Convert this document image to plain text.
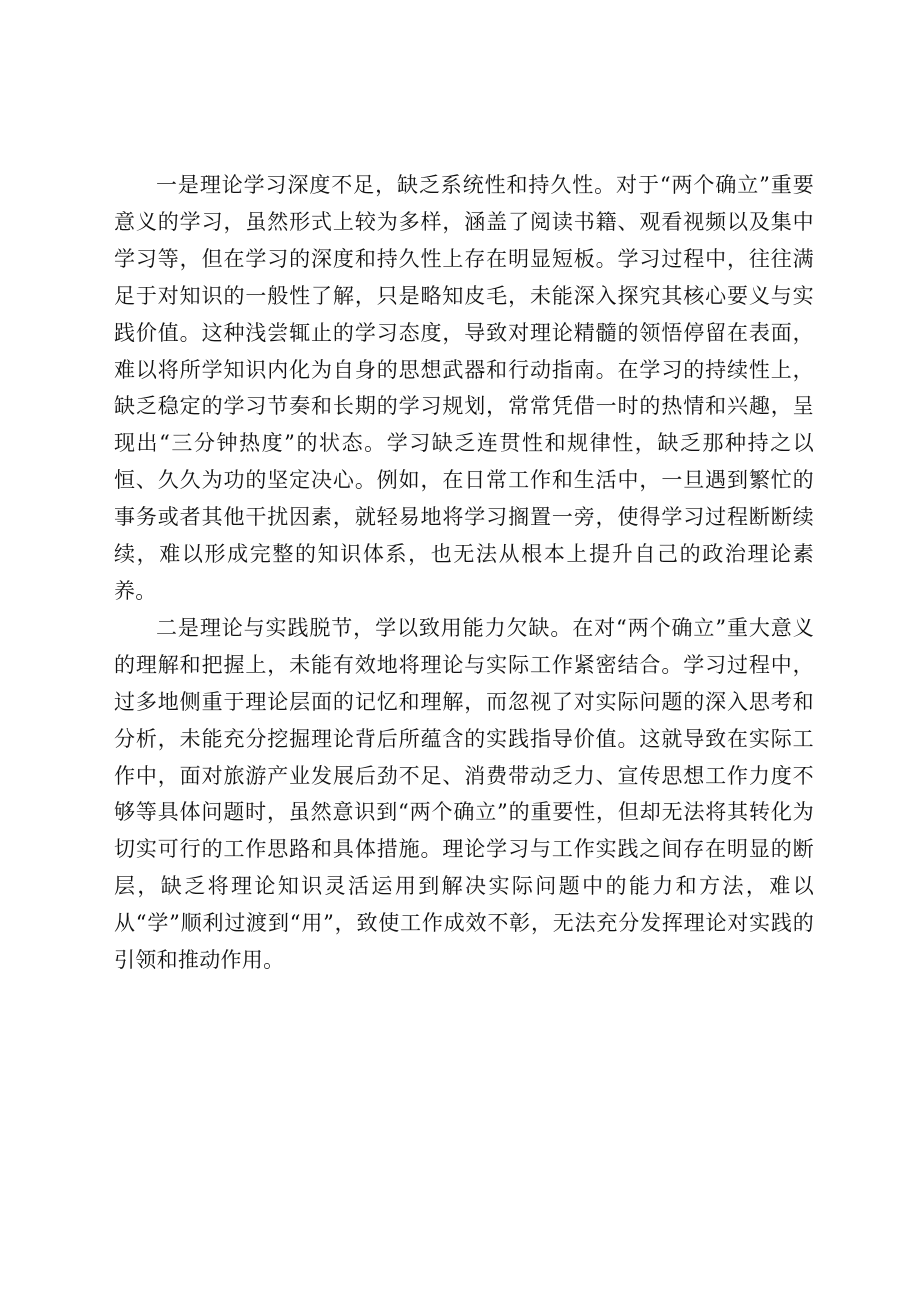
一是理论学习深度不足，缺乏系统性和持久性。对于“两个确立”重要意义的学习，虽然形式上较为多样，涵盖了阅读书籍、观看视频以及集中学习等，但在学习的深度和持久性上存在明显短板。学习过程中，往往满足于对知识的一般性了解，只是略知皮毛，未能深入探究其核心要义与实践价值。这种浅尝辄止的学习态度，导致对理论精髓的领悟停留在表面，难以将所学知识内化为自身的思想武器和行动指南。在学习的持续性上，缺乏稳定的学习节奏和长期的学习规划，常常凭借一时的热情和兴趣，呈现出“三分钟热度”的状态。学习缺乏连贯性和规律性，缺乏那种持之以恒、久久为功的坚定决心。例如，在日常工作和生活中，一旦遇到繁忙的事务或者其他干扰因素，就轻易地将学习搁置一旁，使得学习过程断断续续，难以形成完整的知识体系，也无法从根本上提升自己的政治理论素养。

二是理论与实践脱节，学以致用能力欠缺。在对“两个确立”重大意义的理解和把握上，未能有效地将理论与实际工作紧密结合。学习过程中，过多地侧重于理论层面的记忆和理解，而忽视了对实际问题的深入思考和分析，未能充分挖掘理论背后所蕴含的实践指导价值。这就导致在实际工作中，面对旅游产业发展后劲不足、消费带动乏力、宣传思想工作力度不够等具体问题时，虽然意识到“两个确立”的重要性，但却无法将其转化为切实可行的工作思路和具体措施。理论学习与工作实践之间存在明显的断层，缺乏将理论知识灵活运用到解决实际问题中的能力和方法，难以从“学”顺利过渡到“用”，致使工作成效不彰，无法充分发挥理论对实践的引领和推动作用。
